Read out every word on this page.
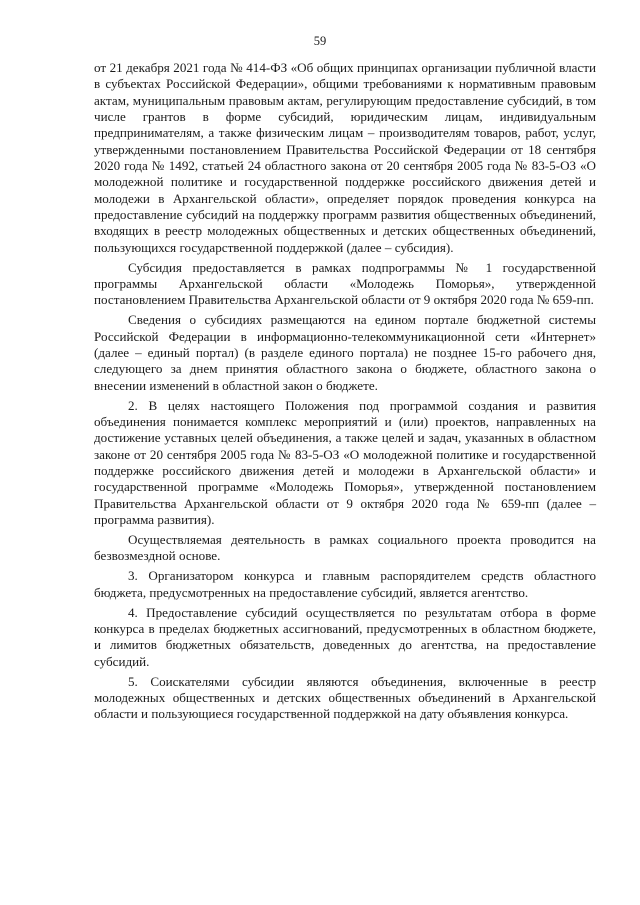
59

от 21 декабря 2021 года № 414-ФЗ «Об общих принципах организации публичной власти в субъектах Российской Федерации», общими требованиями к нормативным правовым актам, муниципальным правовым актам, регулирующим предоставление субсидий, в том числе грантов в форме субсидий, юридическим лицам, индивидуальным предпринимателям, а также физическим лицам – производителям товаров, работ, услуг, утвержденными постановлением Правительства Российской Федерации от 18 сентября 2020 года № 1492, статьей 24 областного закона от 20 сентября 2005 года № 83-5-ОЗ «О молодежной политике и государственной поддержке российского движения детей и молодежи в Архангельской области», определяет порядок проведения конкурса на предоставление субсидий на поддержку программ развития общественных объединений, входящих в реестр молодежных общественных и детских общественных объединений, пользующихся государственной поддержкой (далее – субсидия).

Субсидия предоставляется в рамках подпрограммы № 1 государственной программы Архангельской области «Молодежь Поморья», утвержденной постановлением Правительства Архангельской области от 9 октября 2020 года № 659-пп.

Сведения о субсидиях размещаются на едином портале бюджетной системы Российской Федерации в информационно-телекоммуникационной сети «Интернет» (далее – единый портал) (в разделе единого портала) не позднее 15-го рабочего дня, следующего за днем принятия областного закона о бюджете, областного закона о внесении изменений в областной закон о бюджете.

2. В целях настоящего Положения под программой создания и развития объединения понимается комплекс мероприятий и (или) проектов, направленных на достижение уставных целей объединения, а также целей и задач, указанных в областном законе от 20 сентября 2005 года № 83-5-ОЗ «О молодежной политике и государственной поддержке российского движения детей и молодежи в Архангельской области» и государственной программе «Молодежь Поморья», утвержденной постановлением Правительства Архангельской области от 9 октября 2020 года № 659-пп (далее – программа развития).

Осуществляемая деятельность в рамках социального проекта проводится на безвозмездной основе.

3. Организатором конкурса и главным распорядителем средств областного бюджета, предусмотренных на предоставление субсидий, является агентство.

4. Предоставление субсидий осуществляется по результатам отбора в форме конкурса в пределах бюджетных ассигнований, предусмотренных в областном бюджете, и лимитов бюджетных обязательств, доведенных до агентства, на предоставление субсидий.

5. Соискателями субсидии являются объединения, включенные в реестр молодежных общественных и детских общественных объединений в Архангельской области и пользующиеся государственной поддержкой на дату объявления конкурса.
